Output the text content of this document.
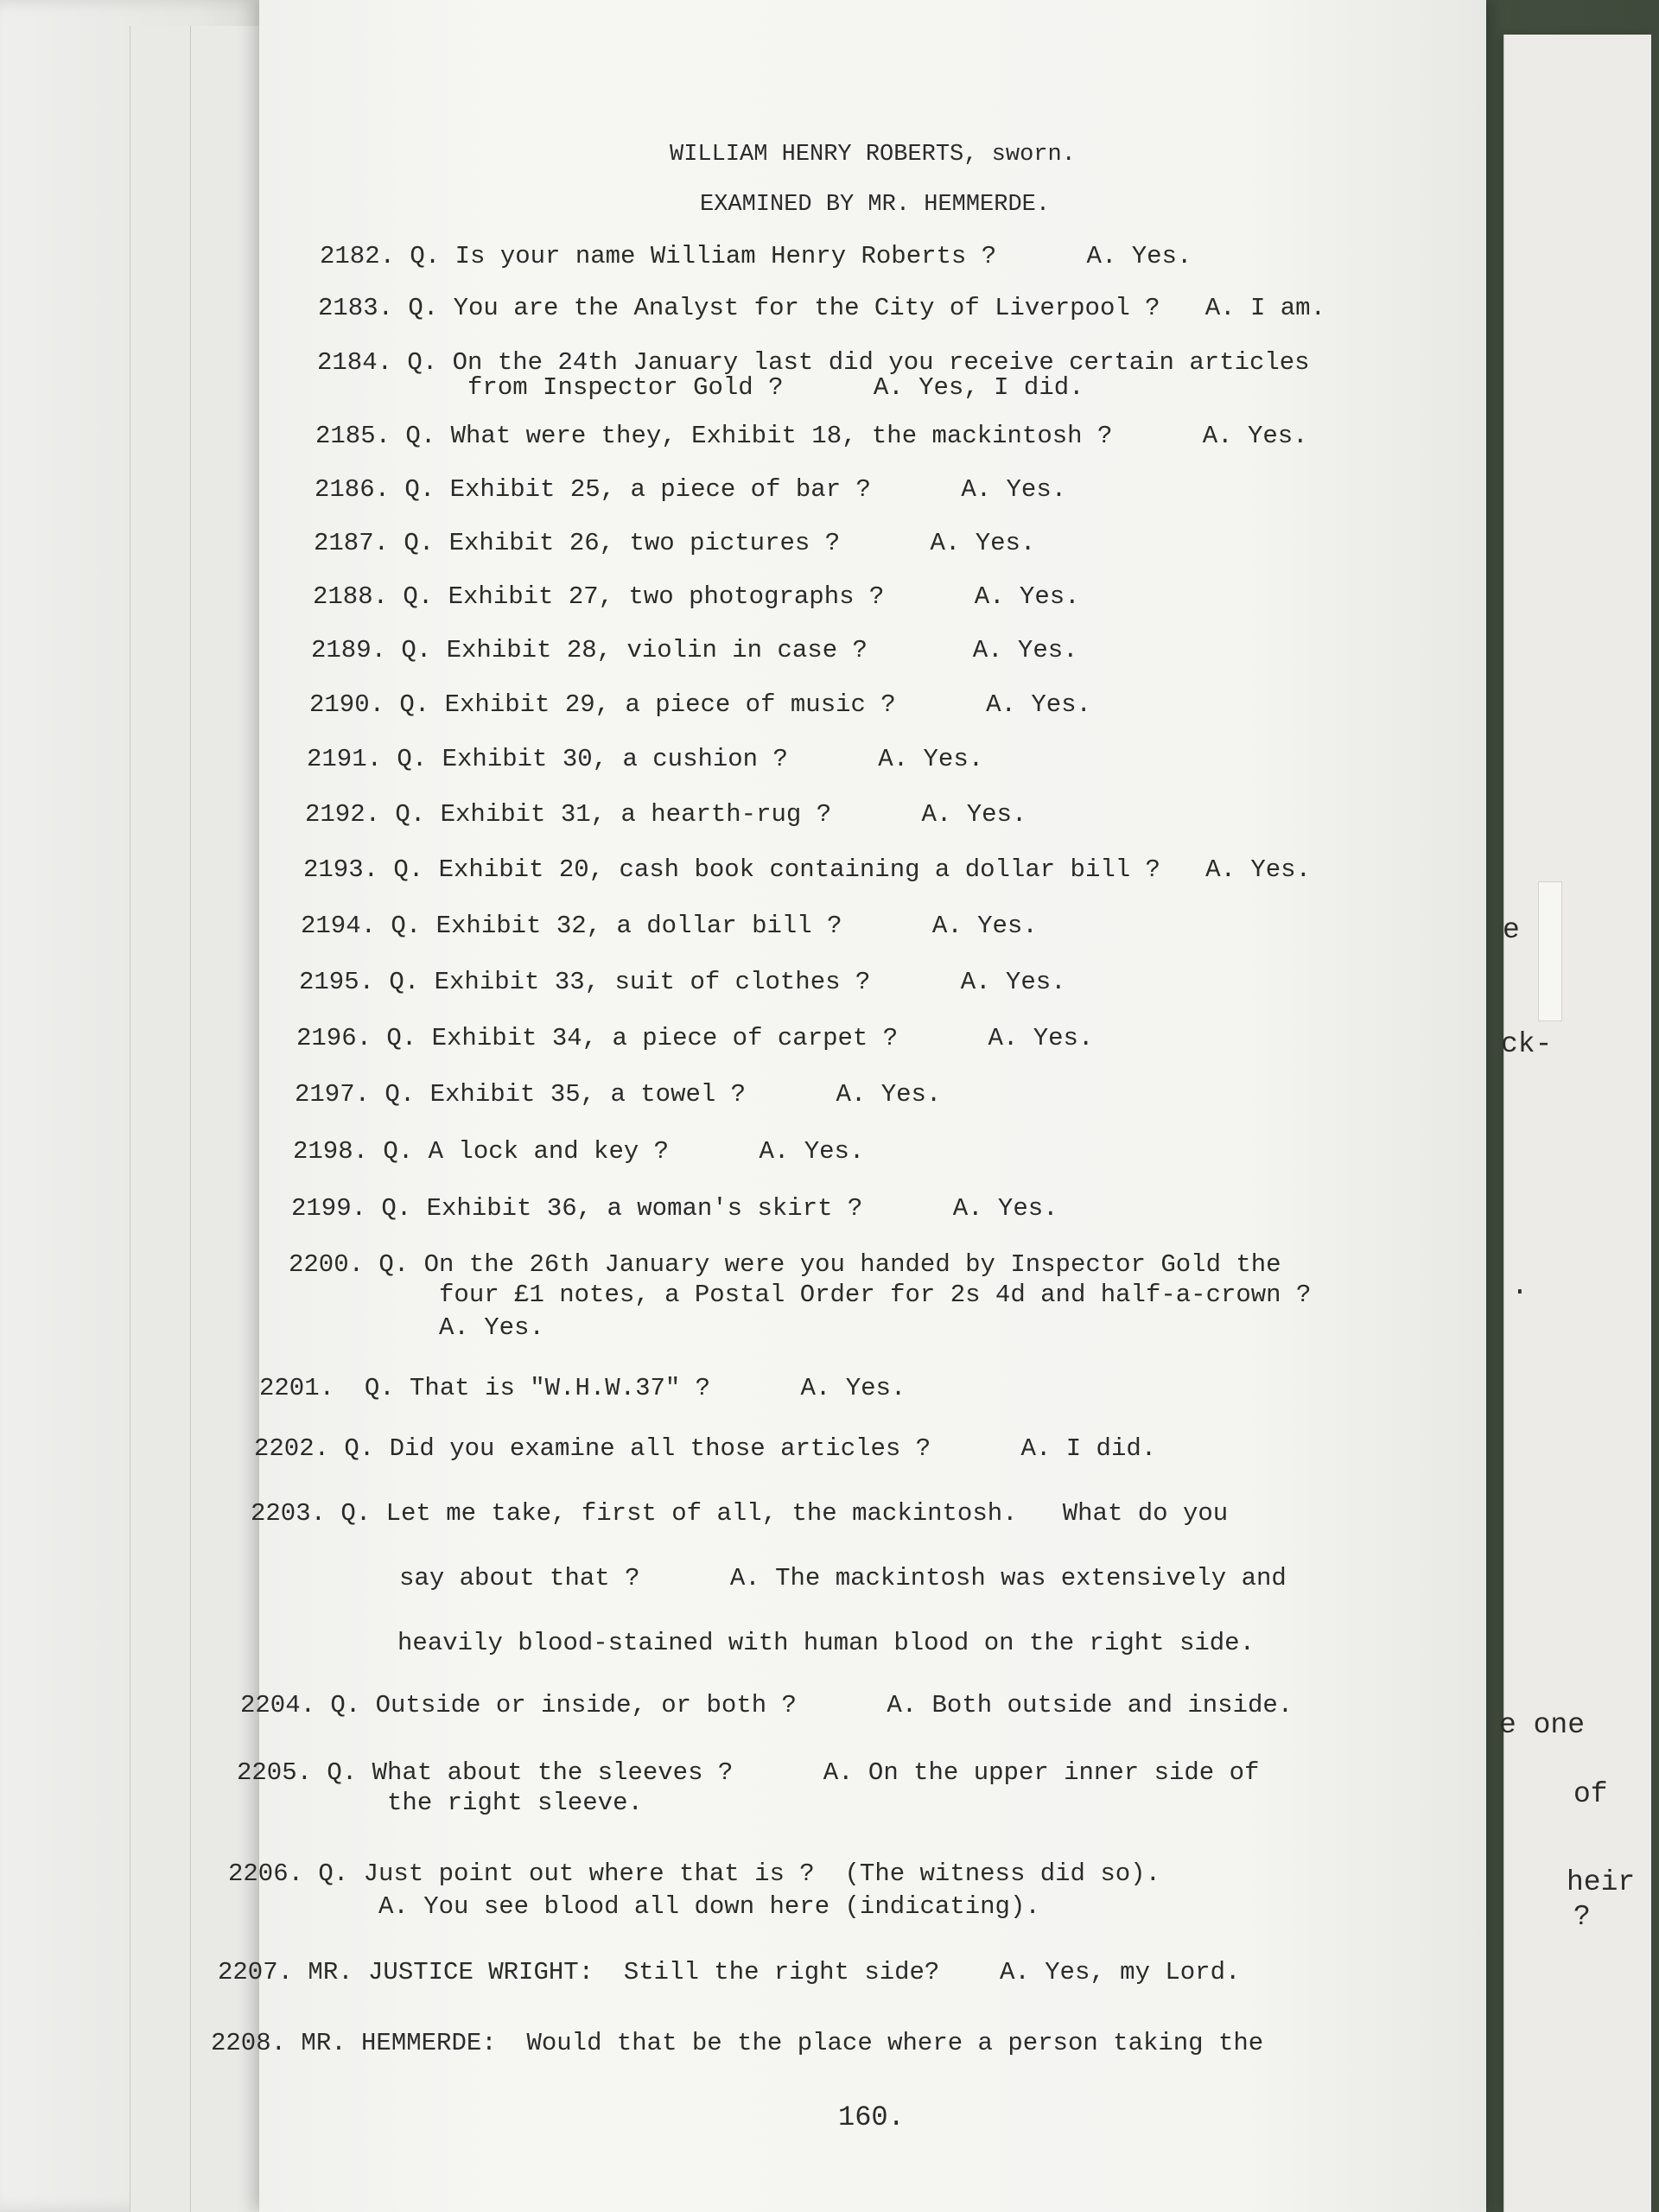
e
ck-
.
e one
of
heir
?
WILLIAM HENRY ROBERTS, sworn.
EXAMINED BY MR. HEMMERDE.
2182. Q. Is your name William Henry Roberts ?      A. Yes.
2183. Q. You are the Analyst for the City of Liverpool ?   A. I am.
2184. Q. On the 24th January last did you receive certain articles
from Inspector Gold ?      A. Yes, I did.
2185. Q. What were they, Exhibit 18, the mackintosh ?      A. Yes.
2186. Q. Exhibit 25, a piece of bar ?      A. Yes.
2187. Q. Exhibit 26, two pictures ?      A. Yes.
2188. Q. Exhibit 27, two photographs ?      A. Yes.
2189. Q. Exhibit 28, violin in case ?       A. Yes.
2190. Q. Exhibit 29, a piece of music ?      A. Yes.
2191. Q. Exhibit 30, a cushion ?      A. Yes.
2192. Q. Exhibit 31, a hearth-rug ?      A. Yes.
2193. Q. Exhibit 20, cash book containing a dollar bill ?   A. Yes.
2194. Q. Exhibit 32, a dollar bill ?      A. Yes.
2195. Q. Exhibit 33, suit of clothes ?      A. Yes.
2196. Q. Exhibit 34, a piece of carpet ?      A. Yes.
2197. Q. Exhibit 35, a towel ?      A. Yes.
2198. Q. A lock and key ?      A. Yes.
2199. Q. Exhibit 36, a woman's skirt ?      A. Yes.
2200. Q. On the 26th January were you handed by Inspector Gold the
four £1 notes, a Postal Order for 2s 4d and half-a-crown ?
A. Yes.
2201.  Q. That is "W.H.W.37" ?      A. Yes.
2202. Q. Did you examine all those articles ?      A. I did.
2203. Q. Let me take, first of all, the mackintosh.   What do you
say about that ?      A. The mackintosh was extensively and
heavily blood-stained with human blood on the right side.
2204. Q. Outside or inside, or both ?      A. Both outside and inside.
2205. Q. What about the sleeves ?      A. On the upper inner side of
the right sleeve.
2206. Q. Just point out where that is ?  (The witness did so).
A. You see blood all down here (indicating).
2207. MR. JUSTICE WRIGHT:  Still the right side?    A. Yes, my Lord.
2208. MR. HEMMERDE:  Would that be the place where a person taking the
160.
